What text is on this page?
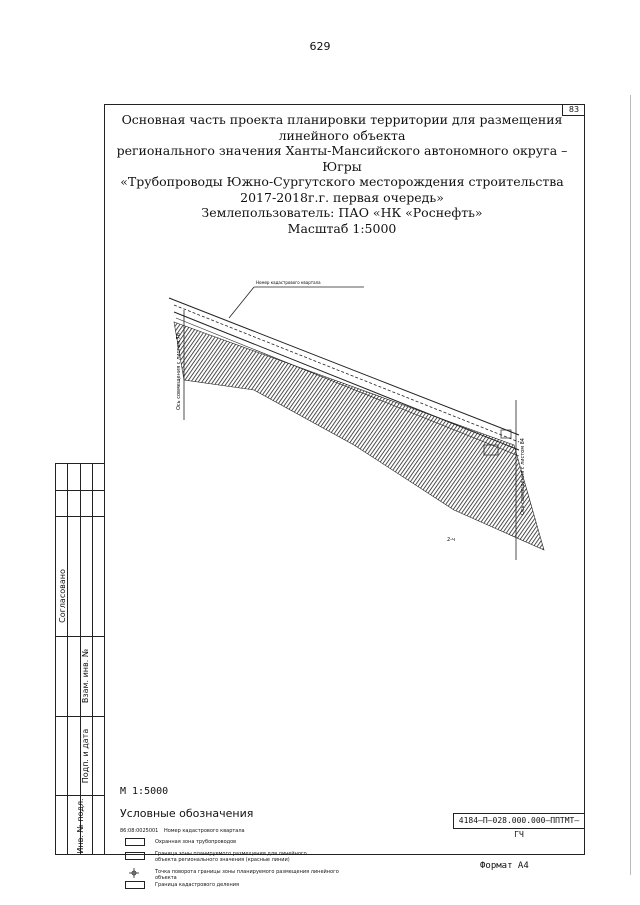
629
83
Основная часть проекта планировки территории для размещения линейного объекта
регионального значения Ханты-Мансийского автономного округа – Югры
«Трубопроводы Южно-Сургутского месторождения строительства 2017-2018г.г. первая очередь»
Землепользователь: ПАО «НК «Роснефть»
Масштаб 1:5000
Номер кадастрового квартала
Ось совмещения с листом 76
Ось совмещения с листом 84
2-ч
Согласовано
Взам. инв. №
Подп. и дата
Инв. № подл.
М 1:5000
Условные обозначения
86:08:0025001 Номер кадастрового квартала
Охранная зона трубопроводов
Граница зоны планируемого размещения для линейного объекта регионального значения (красные линии)
Точка поворота границы зоны планируемого размещения линейного объекта
Граница кадастрового деления
4184–П–028.000.000–ППТМТ–ГЧ
Формат А4
